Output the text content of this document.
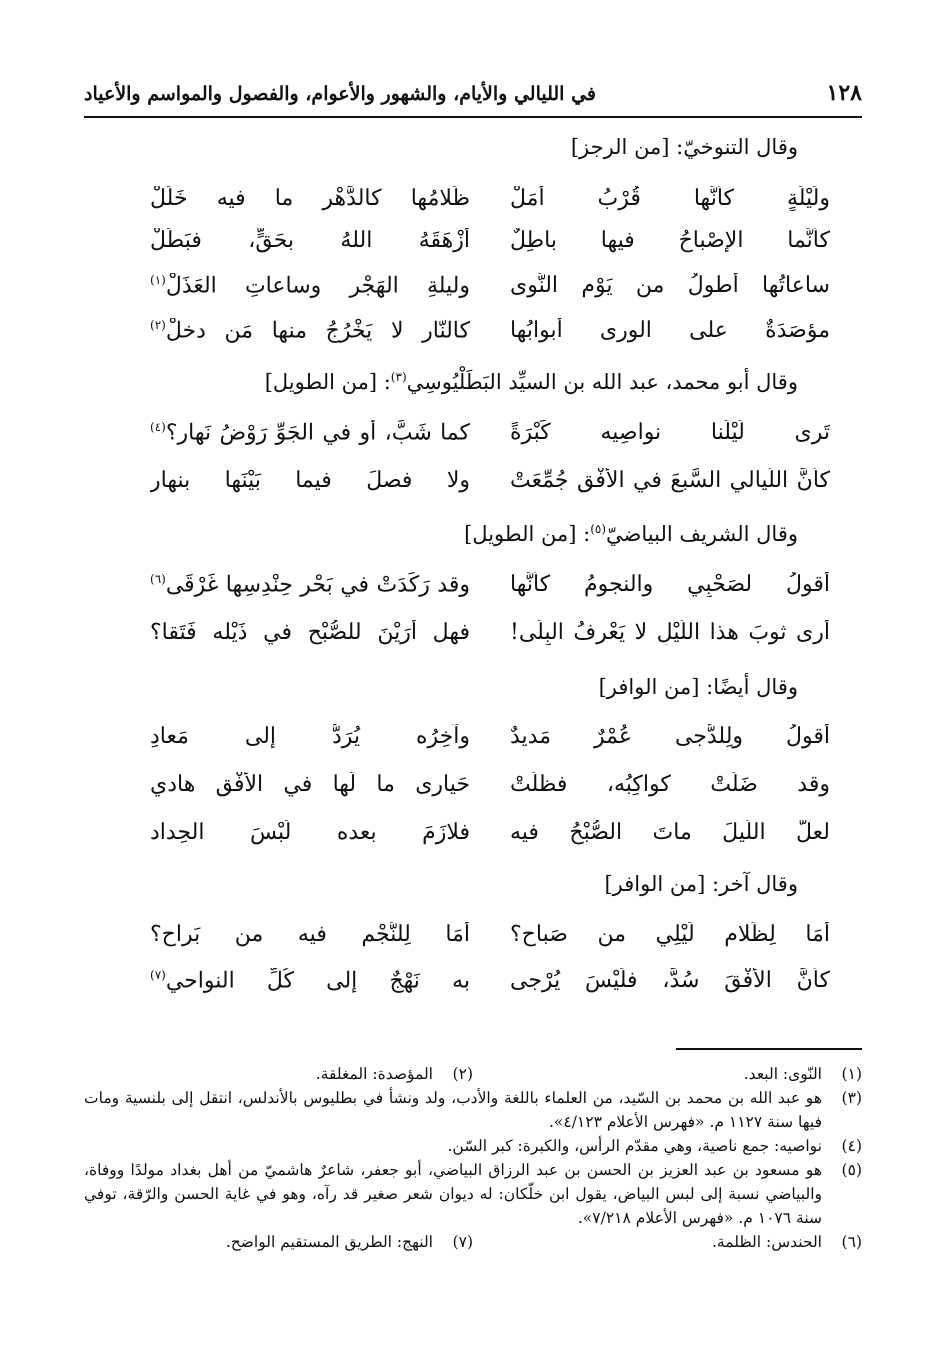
١٢٨
في الليالي والأيام، والشهور والأعوام، والفصول والمواسم والأعياد
وقال التنوخيّ: [من الرجز]
ولَيْلَةٍ كأنَّها قُرْبُ أَمَلْ
ظَلامُها كالدَّهْر ما فيه خَلَلْ
كأنَّما الإصْباحُ فيها باطِلٌ
أزْهَقَهُ اللهُ بحَقٍّ، فبَطَلْ
ساعاتُها أطولُ من يَوْمِ النَّوى
وليلةِ الهَجْرِ وساعاتِ العَذَلْ$^{(١)}$
مؤصَدَةٌ على الورى أبوابُها
كالنّار لا يَخْرُجُ منها مَن دخلْ$^{(٢)}$
وقال أبو محمد، عبد الله بن السيِّد البَطَلْيُوسِي$^{(٣)}$: [من الطويل]
تَرى لَيْلَنا نواصِيه كَبْرَةً
كما شَبَّ، أو في الجَوِّ رَوْضُ نَهارِ؟$^{(٤)}$
كأنَّ اللّيالي السَّبعَ في الأُفْقِ جُمِّعَتْ
ولا فصلَ فيما بَيْنَها بنهارِ
وقال الشريف البياضيّ$^{(٥)}$: [من الطويل]
أقولُ لصَحْبِي والنجومُ كأنَّها
وقد رَكَدَتْ في بَحْرِ حِنْدِسِها غَرْقَى$^{(٦)}$
أرى ثوبَ هذا اللَّيْلِ لا يَعْرِفُ البِلَى!
فهل أَرَيْنَ للصُّبْحِ في ذَيْله فَتَقا؟
وقال أيضًا: [من الوافر]
أقولُ ولِلدُّجى عُمْرٌ مَديدٌ
وآخِرُه يُرَدُّ إلى مَعادِ
وقد ضَلَّتْ كواكِبُه، فظلَّتْ
حَيارى ما لَها في الأُفْقِ هادي
لعلَّ اللَّيلَ ماتَ الصُّبْحُ فيه
فلازَمَ بعده لُبْسَ الحِداد
وقال آخر: [من الوافر]
أمَا لِظَلامِ لَيْلِي من صَباحِ؟
أمَا لِلنَّجْمِ فيه من بَراحِ؟
كأنَّ الأُفْقَ سُدَّ، فلَيْسَ يُرْجى
به نَهْجٌ إلى كُلِّ النواحي$^{(٧)}$
(١)
النّوى: البعد.
(٢)
المؤصدة: المغلقة.
(٣)
هو عبد الله بن محمد بن السّيد، من العلماء باللغة والأدب، ولد ونشأ في بطليوس بالأندلس، انتقل إلى بلنسية ومات فيها سنة ١١٢٧ م. «فهرس الأعلام ٤/١٢٣».
(٤)
نواصيه: جمع ناصية، وهي مقدّم الرأس، والكبرة: كبر السّن.
(٥)
هو مسعود بن عبد العزيز بن الحسن بن عبد الرزاق البياضي، أبو جعفر، شاعرٌ هاشميّ من أهل بغداد مولدًا ووفاة، والبياضي نسبة إلى لبس البياض، يقول ابن خلّكان: له ديوان شعر صغير قد رآه، وهو في غاية الحسن والرّقة، توفي سنة ١٠٧٦ م. «فهرس الأعلام ٧/٢١٨».
(٦)
الحندس: الظلمة.
(٧)
النهج: الطريق المستقيم الواضح.
